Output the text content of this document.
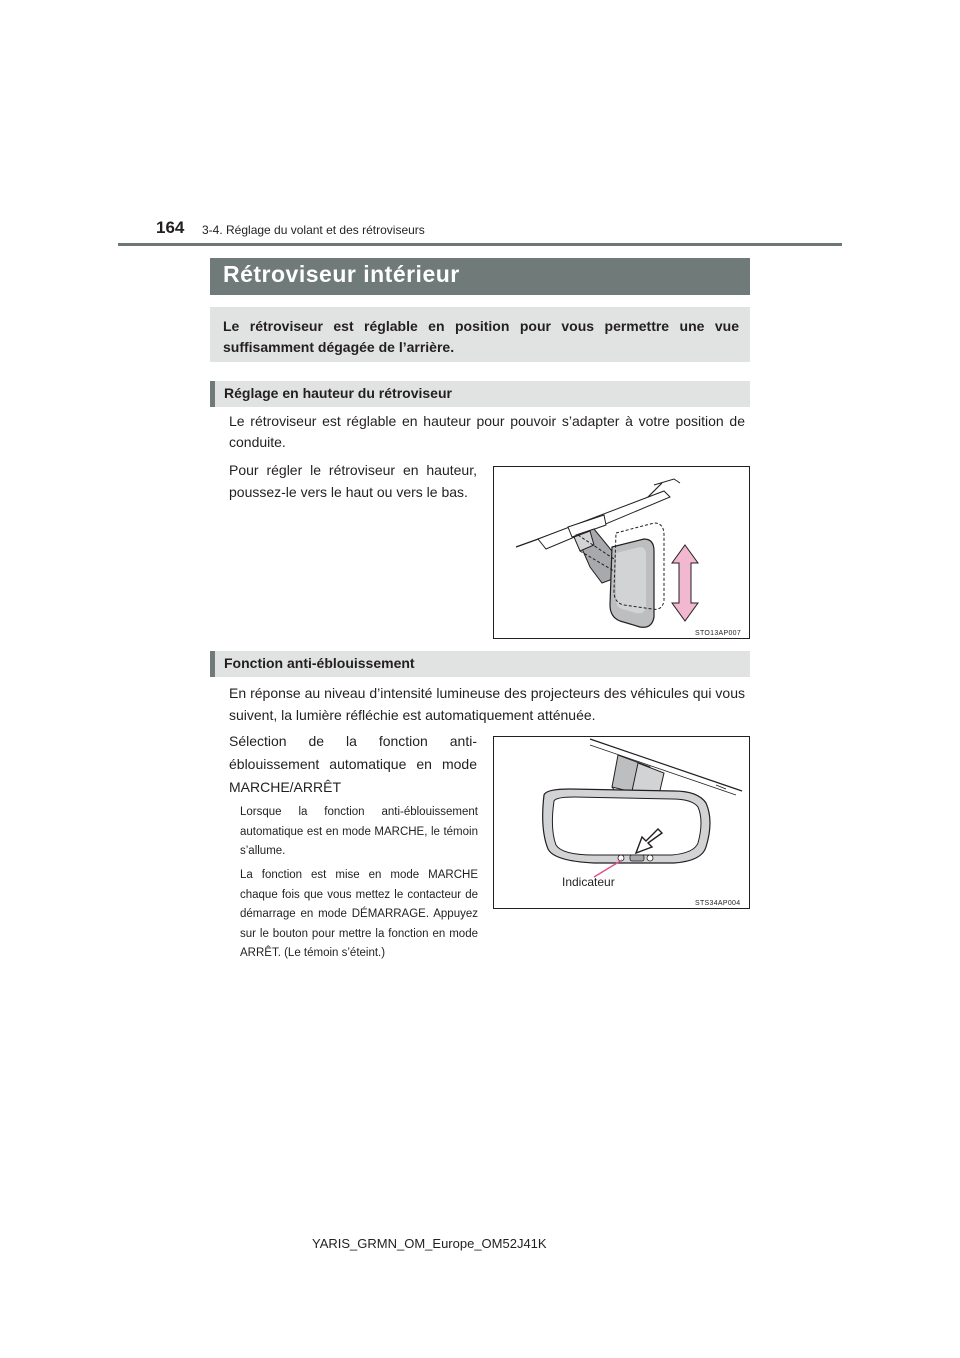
164 3-4. Réglage du volant et des rétroviseurs
Rétroviseur intérieur

Le rétroviseur est réglable en position pour vous permettre une vue suffisamment dégagée de l’arrière.

Réglage en hauteur du rétroviseur

Le rétroviseur est réglable en hauteur pour pouvoir s’adapter à votre position de conduite.

Pour régler le rétroviseur en hauteur, poussez-le vers le haut ou vers le bas.

STO13AP007
Fonction anti-éblouissement

En réponse au niveau d’intensité lumineuse des projecteurs des véhicules qui vous suivent, la lumière réfléchie est automatiquement atténuée.

Sélection de la fonction anti-éblouissement automatique en mode MARCHE/ARRÊT

Lorsque la fonction anti-éblouissement automatique est en mode MARCHE, le témoin s’allume.

La fonction est mise en mode MARCHE chaque fois que vous mettez le contacteur de démarrage en mode DÉMARRAGE. Appuyez sur le bouton pour mettre la fonction en mode ARRÊT. (Le témoin s’éteint.)

Indicateur
STS34AP004
YARIS_GRMN_OM_Europe_OM52J41K
